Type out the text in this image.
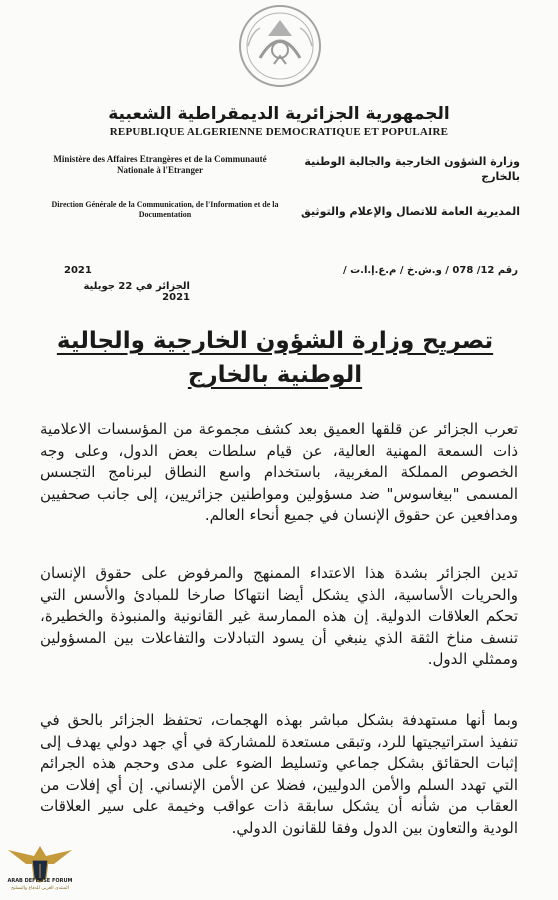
الجمهورية الجزائرية الديمقراطية الشعبية
REPUBLIQUE ALGERIENNE DEMOCRATIQUE ET POPULAIRE
Ministère des Affaires Etrangères et de la Communauté Nationale à l'Etranger
وزارة الشؤون الخارجية والجالية الوطنية بالخارج
Direction Générale de la Communication, de l'Information et de la Documentation	المديرية العامة للاتصال والإعلام والتوثيق
رقم 12/ 078 / و.ش.خ / م.ع.إ.ا.ت /
2021
الجزائر في 22 جويلية 2021
تصريح وزارة الشؤون الخارجية والجالية الوطنية بالخارج
تعرب الجزائر عن قلقها العميق بعد كشف مجموعة من المؤسسات الاعلامية ذات السمعة المهنية العالية، عن قيام سلطات بعض الدول، وعلى وجه الخصوص المملكة المغربية، باستخدام واسع النطاق لبرنامج التجسس المسمى "بيغاسوس" ضد مسؤولين ومواطنين جزائريين، إلى جانب صحفيين ومدافعين عن حقوق الإنسان في جميع أنحاء العالم.
تدين الجزائر بشدة هذا الاعتداء الممنهج والمرفوض على حقوق الإنسان والحريات الأساسية، الذي يشكل أيضا انتهاكا صارخا للمبادئ والأسس التي تحكم العلاقات الدولية. إن هذه الممارسة غير القانونية والمنبوذة والخطيرة، تنسف مناخ الثقة الذي ينبغي أن يسود التبادلات والتفاعلات بين المسؤولين وممثلي الدول.
وبما أنها مستهدفة بشكل مباشر بهذه الهجمات، تحتفظ الجزائر بالحق في تنفيذ استراتيجيتها للرد، وتبقى مستعدة للمشاركة في أي جهد دولي يهدف إلى إثبات الحقائق بشكل جماعي وتسليط الضوء على مدى وحجم هذه الجرائم التي تهدد السلم والأمن الدوليين، فضلا عن الأمن الإنساني. إن أي إفلات من العقاب من شأنه أن يشكل سابقة ذات عواقب وخيمة على سير العلاقات الودية والتعاون بين الدول وفقا للقانون الدولي.
ARAB DEFENSE FORUM
المنتدى العربي للدفاع والتسليح
